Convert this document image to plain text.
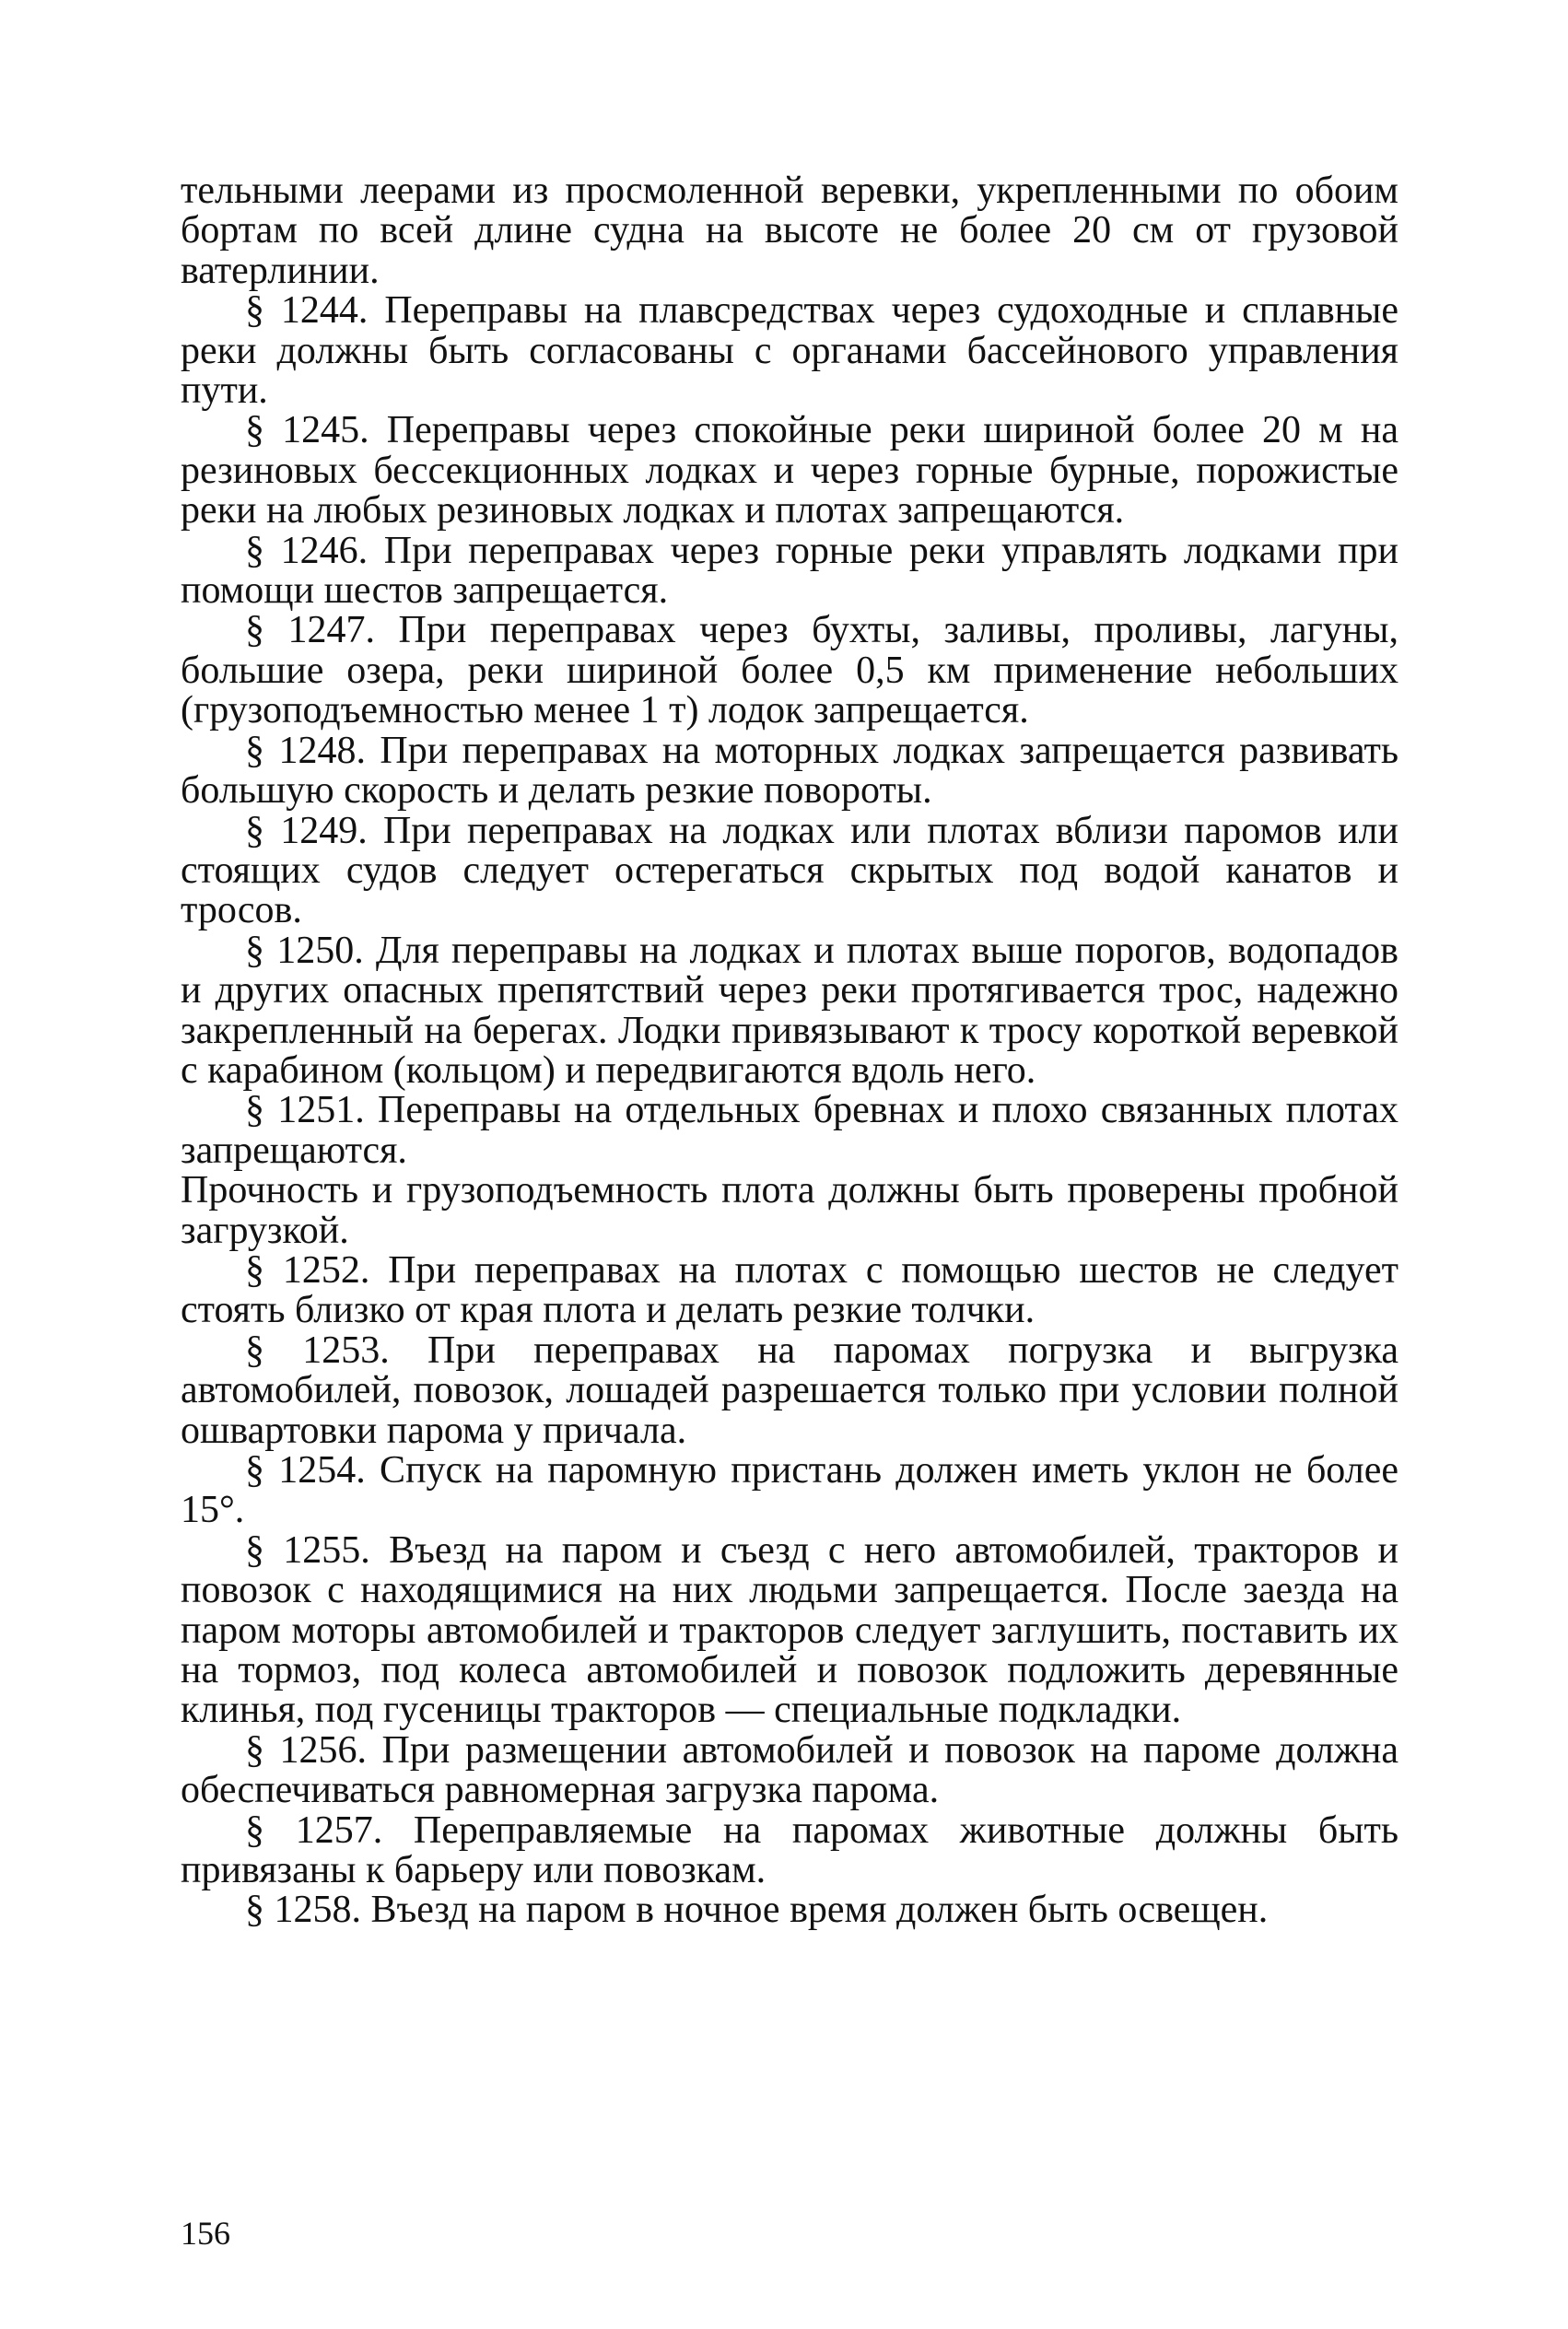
тельными леерами из просмоленной веревки, укрепленными по обоим бортам по всей длине судна на высоте не более 20 см от грузовой ватерлинии.

§ 1244. Переправы на плавсредствах через судоходные и сплавные реки должны быть согласованы с органами бассейнового управления пути.

§ 1245. Переправы через спокойные реки шириной более 20 м на резиновых бессекционных лодках и через горные бурные, порожистые реки на любых резиновых лодках и плотах запрещаются.

§ 1246. При переправах через горные реки управлять лодками при помощи шестов запрещается.

§ 1247. При переправах через бухты, заливы, проливы, лагуны, большие озера, реки шириной более 0,5 км применение небольших (грузоподъемностью менее 1 т) лодок запрещается.

§ 1248. При переправах на моторных лодках запрещается развивать большую скорость и делать резкие повороты.

§ 1249. При переправах на лодках или плотах вблизи паромов или стоящих судов следует остерегаться скрытых под водой канатов и тросов.

§ 1250. Для переправы на лодках и плотах выше порогов, водопадов и других опасных препятствий через реки протягивается трос, надежно закрепленный на берегах. Лодки привязывают к тросу короткой веревкой с карабином (кольцом) и передвигаются вдоль него.

§ 1251. Переправы на отдельных бревнах и плохо связанных плотах запрещаются.

Прочность и грузоподъемность плота должны быть проверены пробной загрузкой.

§ 1252. При переправах на плотах с помощью шестов не следует стоять близко от края плота и делать резкие толчки.

§ 1253. При переправах на паромах погрузка и выгрузка автомобилей, повозок, лошадей разрешается только при условии полной ошвартовки парома у причала.

§ 1254. Спуск на паромную пристань должен иметь уклон не более 15°.

§ 1255. Въезд на паром и съезд с него автомобилей, тракторов и повозок с находящимися на них людьми запрещается. После заезда на паром моторы автомобилей и тракторов следует заглушить, поставить их на тормоз, под колеса автомобилей и повозок подложить деревянные клинья, под гусеницы тракторов — специальные подкладки.

§ 1256. При размещении автомобилей и повозок на пароме должна обеспечиваться равномерная загрузка парома.

§ 1257. Переправляемые на паромах животные должны быть привязаны к барьеру или повозкам.

§ 1258. Въезд на паром в ночное время должен быть освещен.

156
